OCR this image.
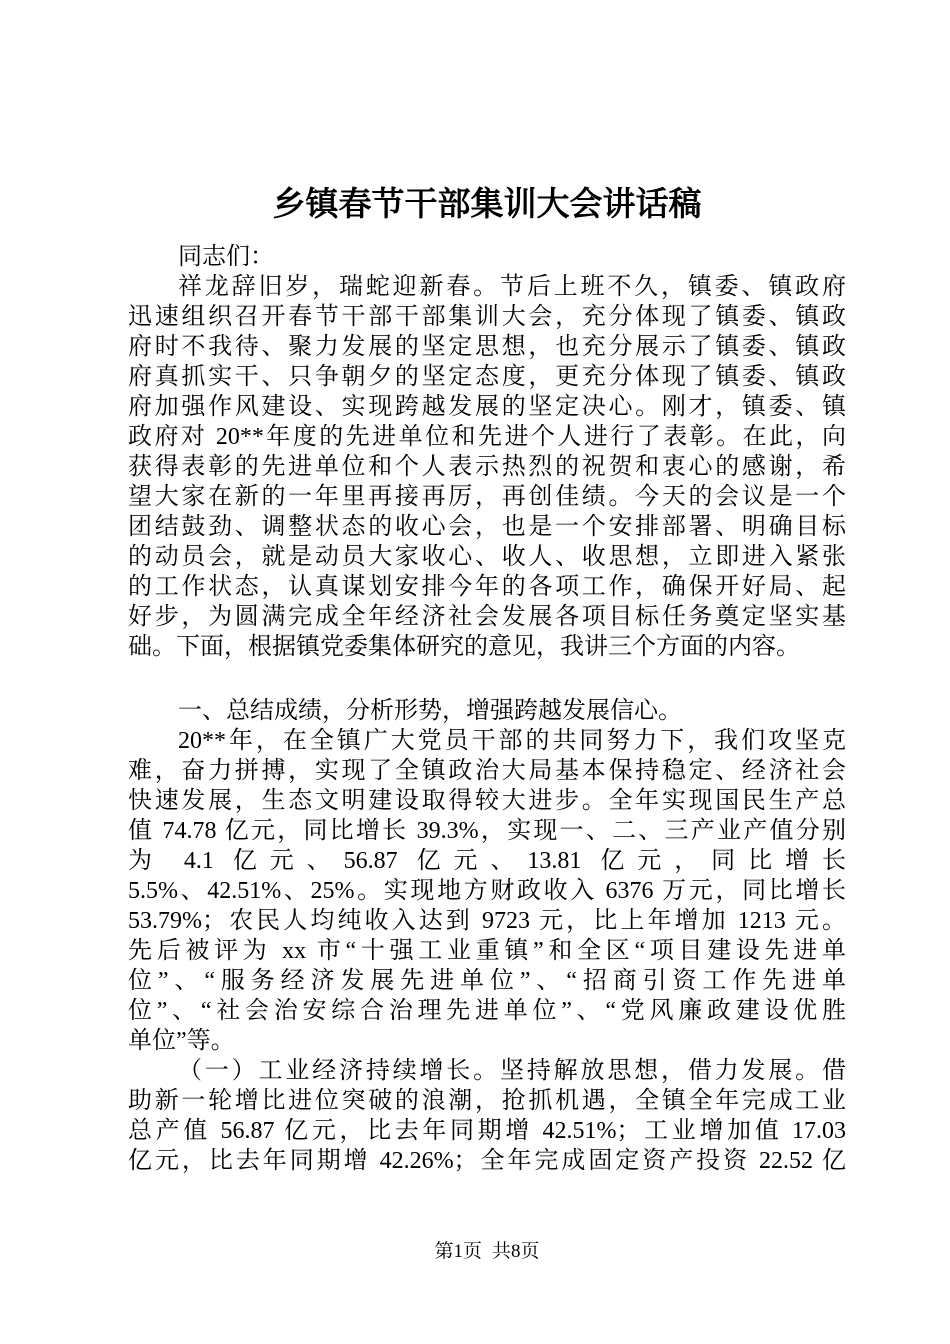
乡镇春节干部集训大会讲话稿
同志们：
祥龙辞旧岁，瑞蛇迎新春。节后上班不久，镇委、镇政府
迅速组织召开春节干部干部集训大会，充分体现了镇委、镇政
府时不我待、聚力发展的坚定思想，也充分展示了镇委、镇政
府真抓实干、只争朝夕的坚定态度，更充分体现了镇委、镇政
府加强作风建设、实现跨越发展的坚定决心。刚才，镇委、镇
政府对 20**年度的先进单位和先进个人进行了表彰。在此，向
获得表彰的先进单位和个人表示热烈的祝贺和衷心的感谢，希
望大家在新的一年里再接再厉，再创佳绩。今天的会议是一个
团结鼓劲、调整状态的收心会，也是一个安排部署、明确目标
的动员会，就是动员大家收心、收人、收思想，立即进入紧张
的工作状态，认真谋划安排今年的各项工作，确保开好局、起
好步，为圆满完成全年经济社会发展各项目标任务奠定坚实基
础。下面，根据镇党委集体研究的意见，我讲三个方面的内容。
一、总结成绩，分析形势，增强跨越发展信心。
20**年，在全镇广大党员干部的共同努力下，我们攻坚克
难，奋力拼搏，实现了全镇政治大局基本保持稳定、经济社会
快速发展，生态文明建设取得较大进步。全年实现国民生产总
值 74.78 亿元，同比增长 39.3%，实现一、二、三产业产值分别
为 4.1 亿元、56.87 亿元、13.81 亿元，同比增长
5.5%、42.51%、25%。实现地方财政收入 6376 万元，同比增长
53.79%；农民人均纯收入达到 9723 元，比上年增加 1213 元。
先后被评为 xx 市“十强工业重镇”和全区“项目建设先进单
位”、“服务经济发展先进单位”、“招商引资工作先进单
位”、“社会治安综合治理先进单位”、“党风廉政建设优胜
单位”等。
（一）工业经济持续增长。坚持解放思想，借力发展。借
助新一轮增比进位突破的浪潮，抢抓机遇，全镇全年完成工业
总产值 56.87 亿元，比去年同期增 42.51%；工业增加值 17.03
亿元，比去年同期增 42.26%；全年完成固定资产投资 22.52 亿
第1页 共8页
